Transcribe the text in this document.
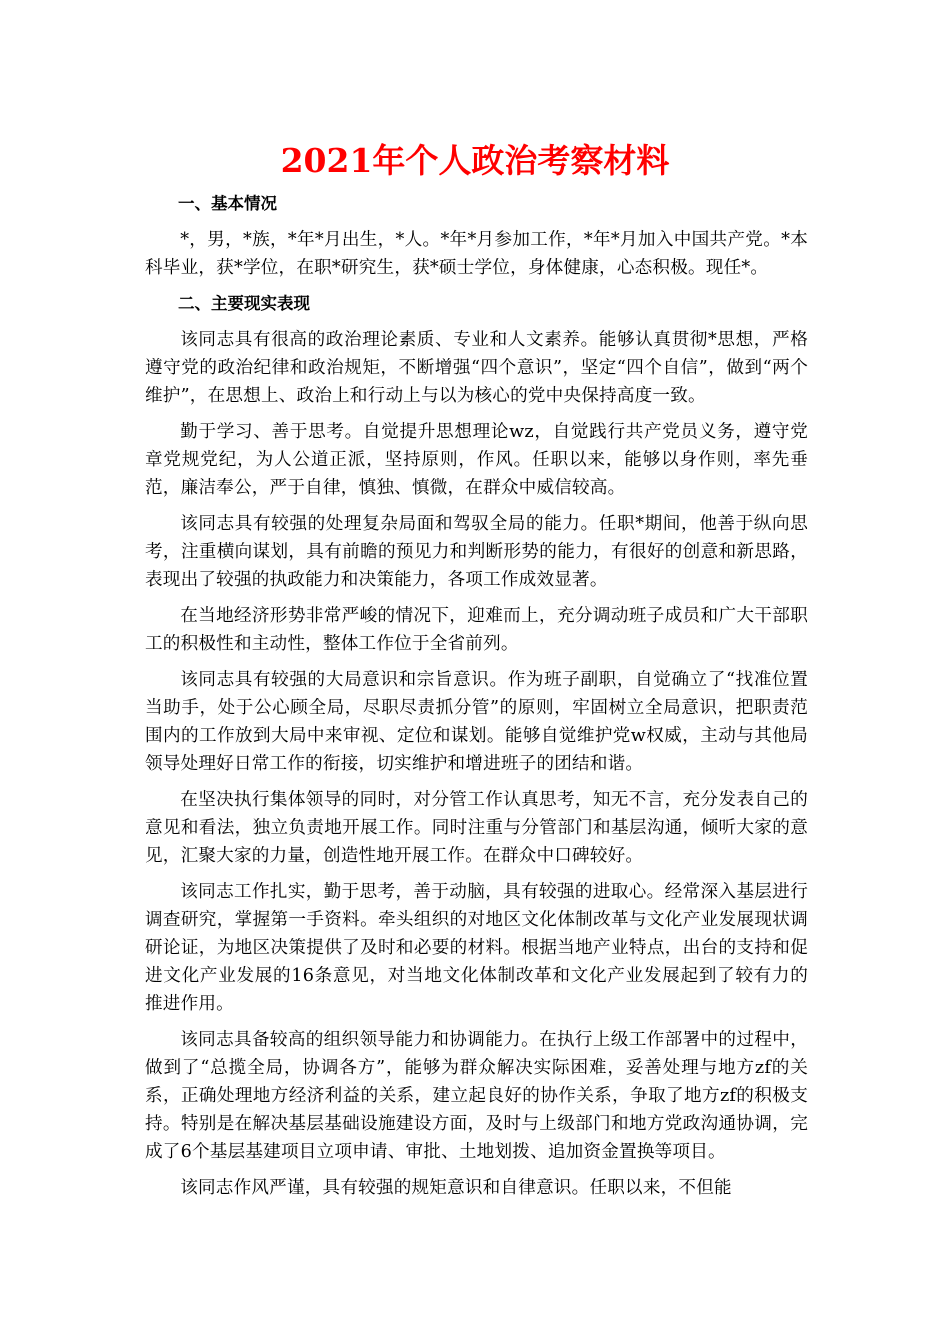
2021年个人政治考察材料

一、基本情况

*，男，*族，*年*月出生，*人。*年*月参加工作，*年*月加入中国共产党。*本科毕业，获*学位，在职*研究生，获*硕士学位，身体健康，心态积极。现任*。

二、主要现实表现

该同志具有很高的政治理论素质、专业和人文素养。能够认真贯彻*思想，严格遵守党的政治纪律和政治规矩，不断增强“四个意识”，坚定“四个自信”，做到“两个维护”，在思想上、政治上和行动上与以为核心的党中央保持高度一致。

勤于学习、善于思考。自觉提升思想理论wz，自觉践行共产党员义务，遵守党章党规党纪，为人公道正派，坚持原则，作风。任职以来，能够以身作则，率先垂范，廉洁奉公，严于自律，慎独、慎微，在群众中威信较高。

该同志具有较强的处理复杂局面和驾驭全局的能力。任职*期间，他善于纵向思考，注重横向谋划，具有前瞻的预见力和判断形势的能力，有很好的创意和新思路，表现出了较强的执政能力和决策能力，各项工作成效显著。

在当地经济形势非常严峻的情况下，迎难而上，充分调动班子成员和广大干部职工的积极性和主动性，整体工作位于全省前列。

该同志具有较强的大局意识和宗旨意识。作为班子副职，自觉确立了“找准位置当助手，处于公心顾全局，尽职尽责抓分管”的原则，牢固树立全局意识，把职责范围内的工作放到大局中来审视、定位和谋划。能够自觉维护党w权威，主动与其他局领导处理好日常工作的衔接，切实维护和增进班子的团结和谐。

在坚决执行集体领导的同时，对分管工作认真思考，知无不言，充分发表自己的意见和看法，独立负责地开展工作。同时注重与分管部门和基层沟通，倾听大家的意见，汇聚大家的力量，创造性地开展工作。在群众中口碑较好。

该同志工作扎实，勤于思考，善于动脑，具有较强的进取心。经常深入基层进行调查研究，掌握第一手资料。牵头组织的对地区文化体制改革与文化产业发展现状调研论证，为地区决策提供了及时和必要的材料。根据当地产业特点，出台的支持和促进文化产业发展的16条意见，对当地文化体制改革和文化产业发展起到了较有力的推进作用。

该同志具备较高的组织领导能力和协调能力。在执行上级工作部署中的过程中，做到了“总揽全局，协调各方”，能够为群众解决实际困难，妥善处理与地方zf的关系，正确处理地方经济利益的关系，建立起良好的协作关系，争取了地方zf的积极支持。特别是在解决基层基础设施建设方面，及时与上级部门和地方党政沟通协调，完成了6个基层基建项目立项申请、审批、土地划拨、追加资金置换等项目。

该同志作风严谨，具有较强的规矩意识和自律意识。任职以来，不但能
